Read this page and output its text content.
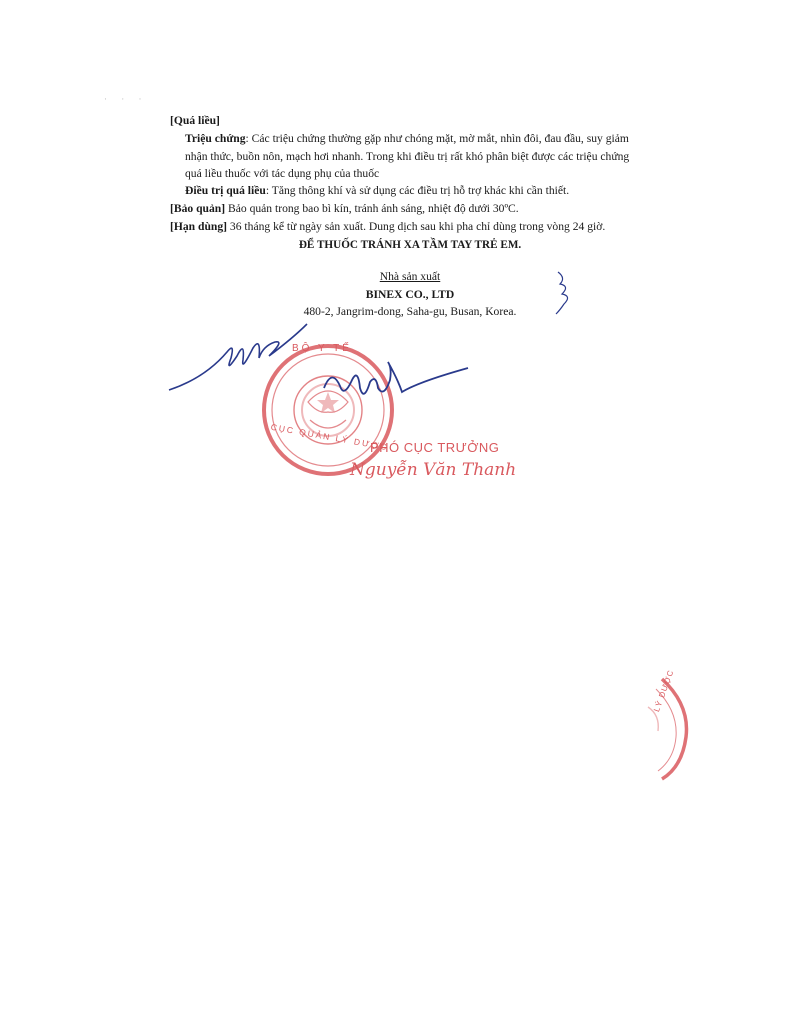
· · ·
[Quá liều]
Triệu chứng: Các triệu chứng thường gặp như chóng mặt, mờ mắt, nhìn đôi, đau đầu, suy giảm
nhận thức, buồn nôn, mạch hơi nhanh. Trong khi điều trị rất khó phân biệt được các triệu chứng
quá liều thuốc với tác dụng phụ của thuốc
Điều trị quá liều: Tăng thông khí và sử dụng các điều trị hỗ trợ khác khi cần thiết.
[Bảo quản] Bảo quản trong bao bì kín, tránh ánh sáng, nhiệt độ dưới 30ºC.
[Hạn dùng] 36 tháng kể từ ngày sản xuất. Dung dịch sau khi pha chỉ dùng trong vòng 24 giờ.
ĐỂ THUỐC TRÁNH XA TẦM TAY TRẺ EM.
Nhà sản xuất
BINEX CO., LTD
480-2, Jangrim-dong, Saha-gu, Busan, Korea.
BỘ Y TẾ
CỤC QUẢN LÝ DƯỢC
PHÓ CỤC TRƯỞNG
Nguyễn Văn Thanh
LÝ DƯỢC
